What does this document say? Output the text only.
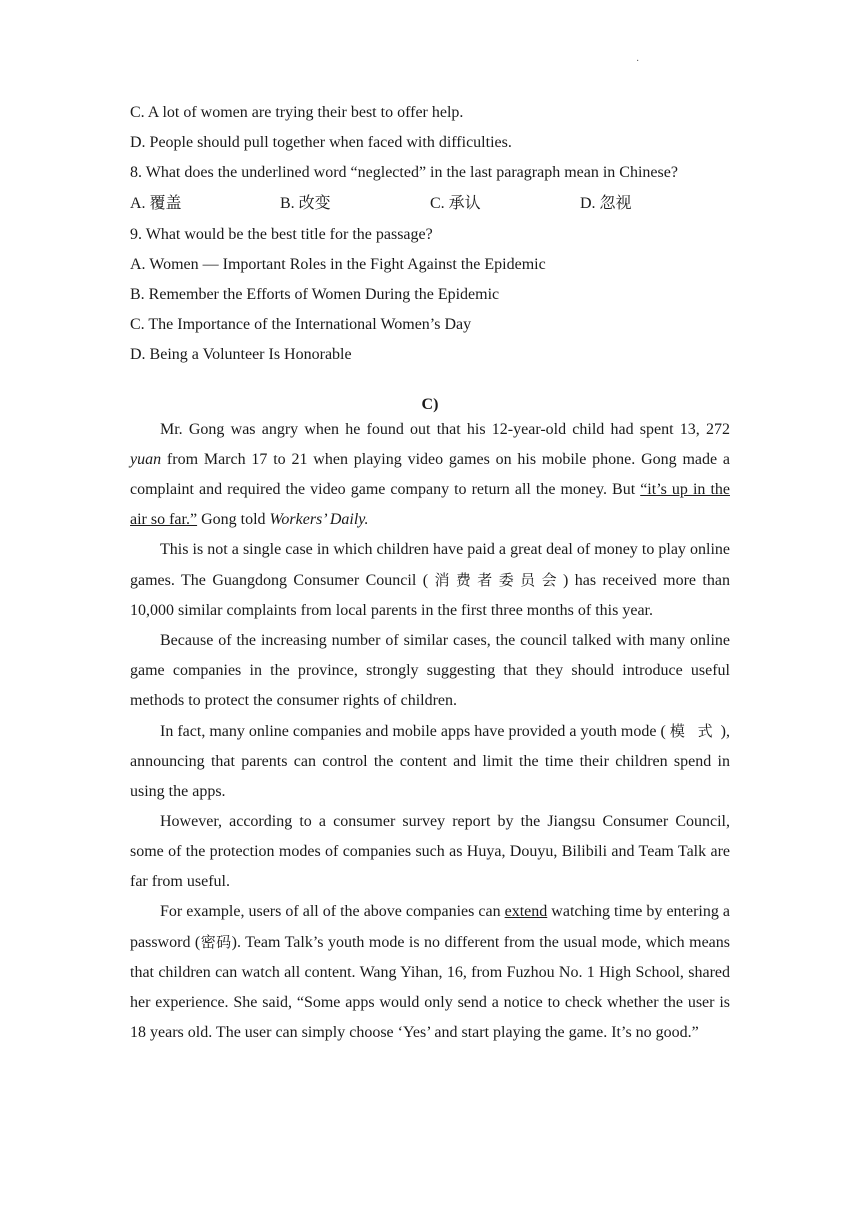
·
C. A lot of women are trying their best to offer help.
D. People should pull together when faced with difficulties.
8. What does the underlined word “neglected” in the last paragraph mean in Chinese?
A. 覆盖	B. 改变	C. 承认	D. 忽视
9. What would be the best title for the passage?
A. Women — Important Roles in the Fight Against the Epidemic
B. Remember the Efforts of Women During the Epidemic
C. The Importance of the International Women’s Day
D. Being a Volunteer Is Honorable
C)

Mr. Gong was angry when he found out that his 12-year-old child had spent 13, 272 yuan from March 17 to 21 when playing video games on his mobile phone. Gong made a complaint and required the video game company to return all the money. But “it’s up in the air so far.” Gong told Workers’ Daily.

This is not a single case in which children have paid a great deal of money to play online games. The Guangdong Consumer Council ( 消费者委员会) has received more than 10,000 similar complaints from local parents in the first three months of this year.

Because of the increasing number of similar cases, the council talked with many online game companies in the province, strongly suggesting that they should introduce useful methods to protect the consumer rights of children.

In fact, many online companies and mobile apps have provided a youth mode ( 模 式 ), announcing that parents can control the content and limit the time their children spend in using the apps.

However, according to a consumer survey report by the Jiangsu Consumer Council, some of the protection modes of companies such as Huya, Douyu, Bilibili and Team Talk are far from useful.

For example, users of all of the above companies can extend watching time by entering a password (密码). Team Talk’s youth mode is no different from the usual mode, which means that children can watch all content. Wang Yihan, 16, from Fuzhou No. 1 High School, shared her experience. She said, “Some apps would only send a notice to check whether the user is 18 years old. The user can simply choose ‘Yes’ and start playing the game. It’s no good.”
